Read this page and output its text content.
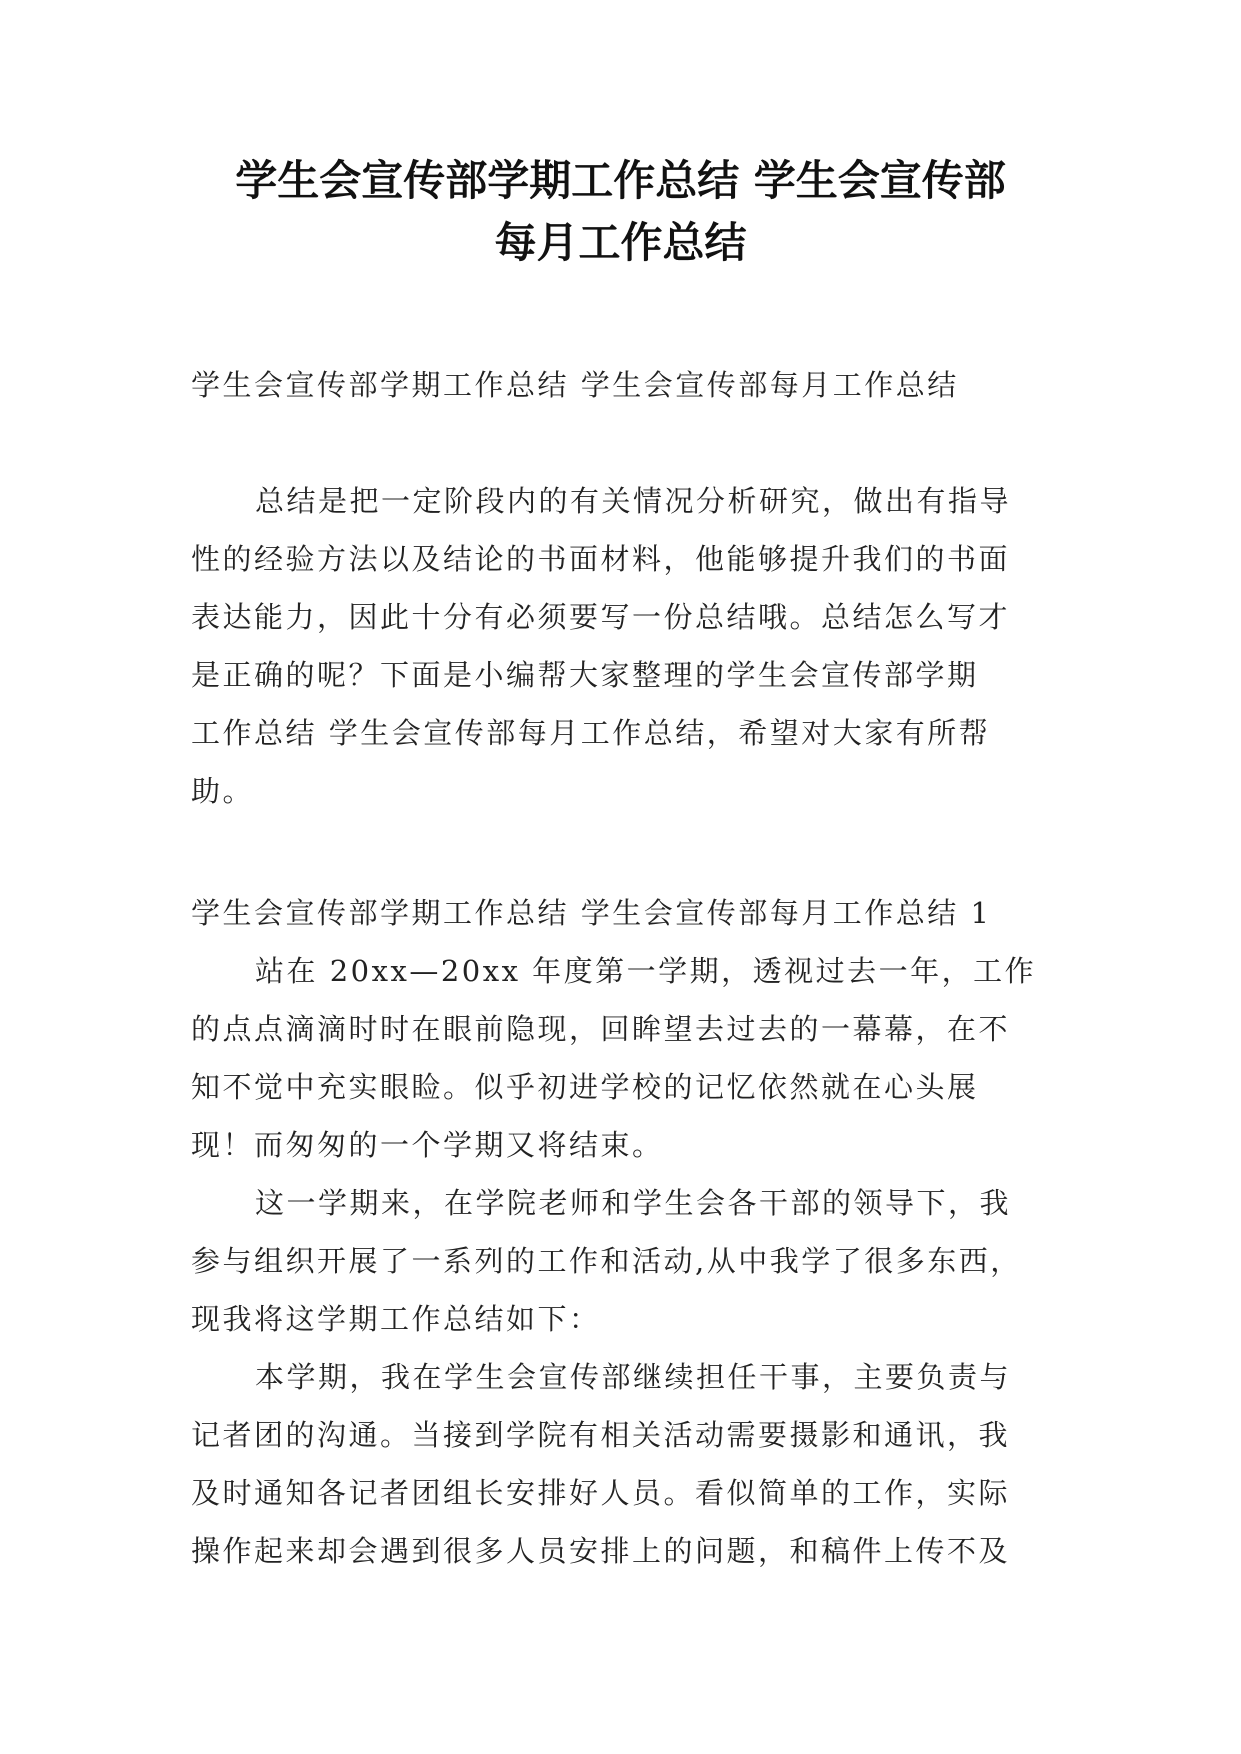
学生会宣传部学期工作总结 学生会宣传部
每月工作总结
学生会宣传部学期工作总结 学生会宣传部每月工作总结
总结是把一定阶段内的有关情况分析研究，做出有指导
性的经验方法以及结论的书面材料，他能够提升我们的书面
表达能力，因此十分有必须要写一份总结哦。总结怎么写才
是正确的呢？下面是小编帮大家整理的学生会宣传部学期
工作总结 学生会宣传部每月工作总结，希望对大家有所帮
助。
学生会宣传部学期工作总结 学生会宣传部每月工作总结 1
站在 20xx—20xx 年度第一学期，透视过去一年，工作
的点点滴滴时时在眼前隐现，回眸望去过去的一幕幕，在不
知不觉中充实眼睑。似乎初进学校的记忆依然就在心头展
现！而匆匆的一个学期又将结束。
这一学期来，在学院老师和学生会各干部的领导下，我
参与组织开展了一系列的工作和活动,从中我学了很多东西，
现我将这学期工作总结如下：
本学期，我在学生会宣传部继续担任干事，主要负责与
记者团的沟通。当接到学院有相关活动需要摄影和通讯，我
及时通知各记者团组长安排好人员。看似简单的工作，实际
操作起来却会遇到很多人员安排上的问题，和稿件上传不及
